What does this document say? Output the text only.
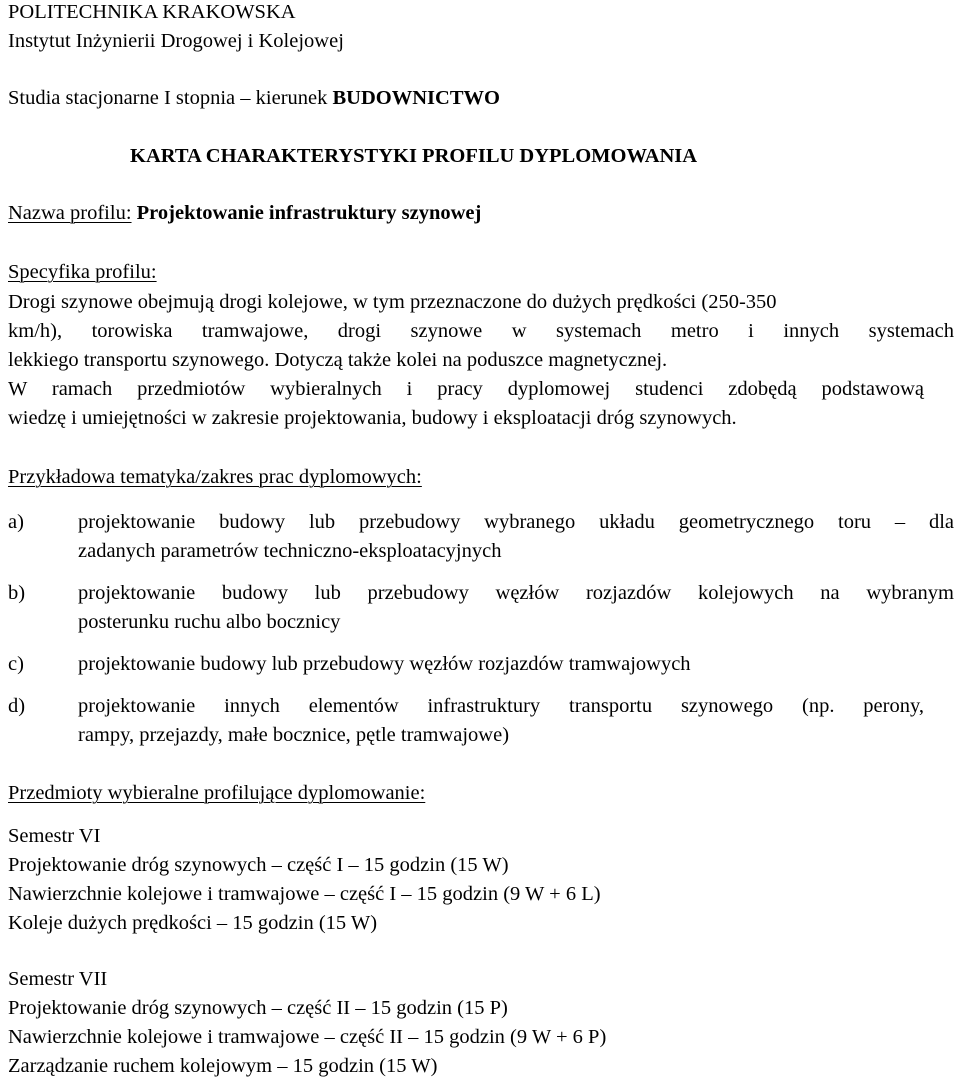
POLITECHNIKA KRAKOWSKA

Instytut Inżynierii Drogowej i Kolejowej

Studia stacjonarne I stopnia – kierunek BUDOWNICTWO

KARTA CHARAKTERYSTYKI PROFILU DYPLOMOWANIA

Nazwa profilu: Projektowanie infrastruktury szynowej

Specyfika profilu:

Drogi szynowe obejmują drogi kolejowe, w tym przeznaczone do dużych prędkości (250-350

km/h), torowiska tramwajowe, drogi szynowe w systemach metro i innych systemach

lekkiego transportu szynowego. Dotyczą także kolei na poduszce magnetycznej.

W ramach przedmiotów wybieralnych i pracy dyplomowej studenci zdobędą podstawową

wiedzę i umiejętności w zakresie projektowania, budowy i eksploatacji dróg szynowych.

Przykładowa tematyka/zakres prac dyplomowych:

a)	projektowanie budowy lub przebudowy wybranego układu geometrycznego toru – dla

zadanych parametrów techniczno-eksploatacyjnych

b)	projektowanie budowy lub przebudowy węzłów rozjazdów kolejowych na wybranym

posterunku ruchu albo bocznicy

c)	projektowanie budowy lub przebudowy węzłów rozjazdów tramwajowych

d)	projektowanie innych elementów infrastruktury transportu szynowego (np. perony,

rampy, przejazdy, małe bocznice, pętle tramwajowe)

Przedmioty wybieralne profilujące dyplomowanie:

Semestr VI

Projektowanie dróg szynowych – część I – 15 godzin (15 W)

Nawierzchnie kolejowe i tramwajowe – część I – 15 godzin (9 W + 6 L)

Koleje dużych prędkości – 15 godzin (15 W)

Semestr VII

Projektowanie dróg szynowych – część II – 15 godzin (15 P)

Nawierzchnie kolejowe i tramwajowe – część II – 15 godzin (9 W + 6 P)

Zarządzanie ruchem kolejowym – 15 godzin (15 W)
